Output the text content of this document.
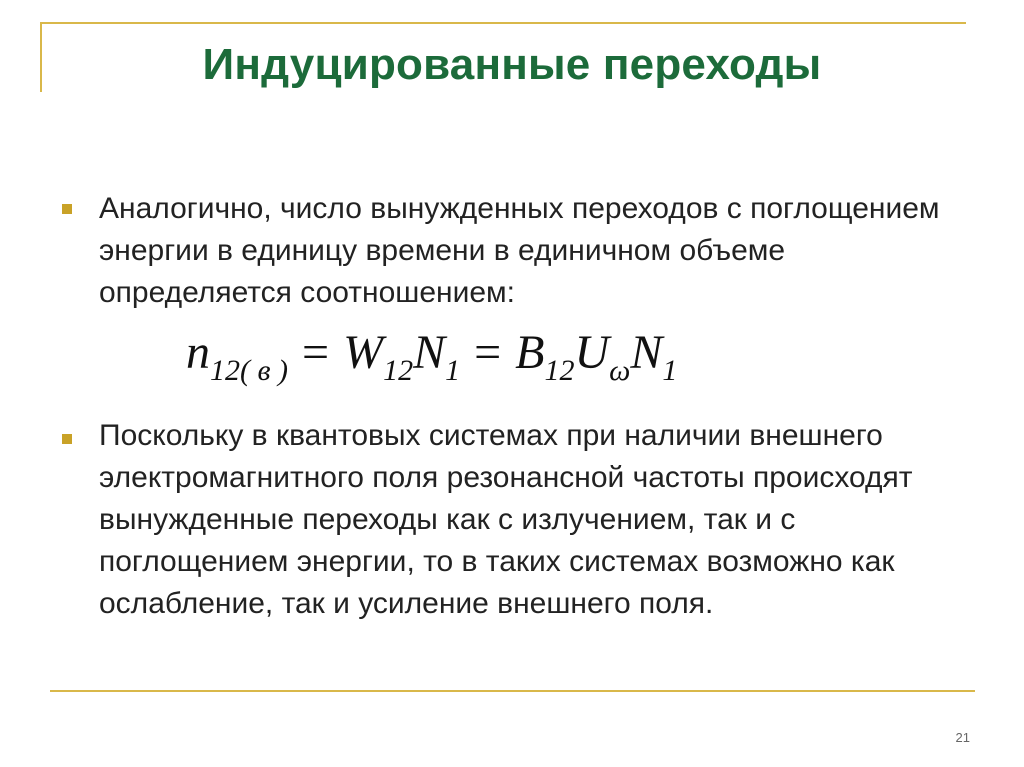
Индуцированные переходы
Аналогично, число вынужденных переходов с поглощением энергии в единицу времени в единичном объеме определяется соотношением:
$n_{12( в )} = W_{12}N_1 = B_{12}U_\omega N_1$
Поскольку в квантовых системах при наличии внешнего электромагнитного поля резонансной частоты происходят вынужденные переходы как с излучением, так и с поглощением энергии, то в таких системах возможно как ослабление, так и усиление внешнего поля.
21
